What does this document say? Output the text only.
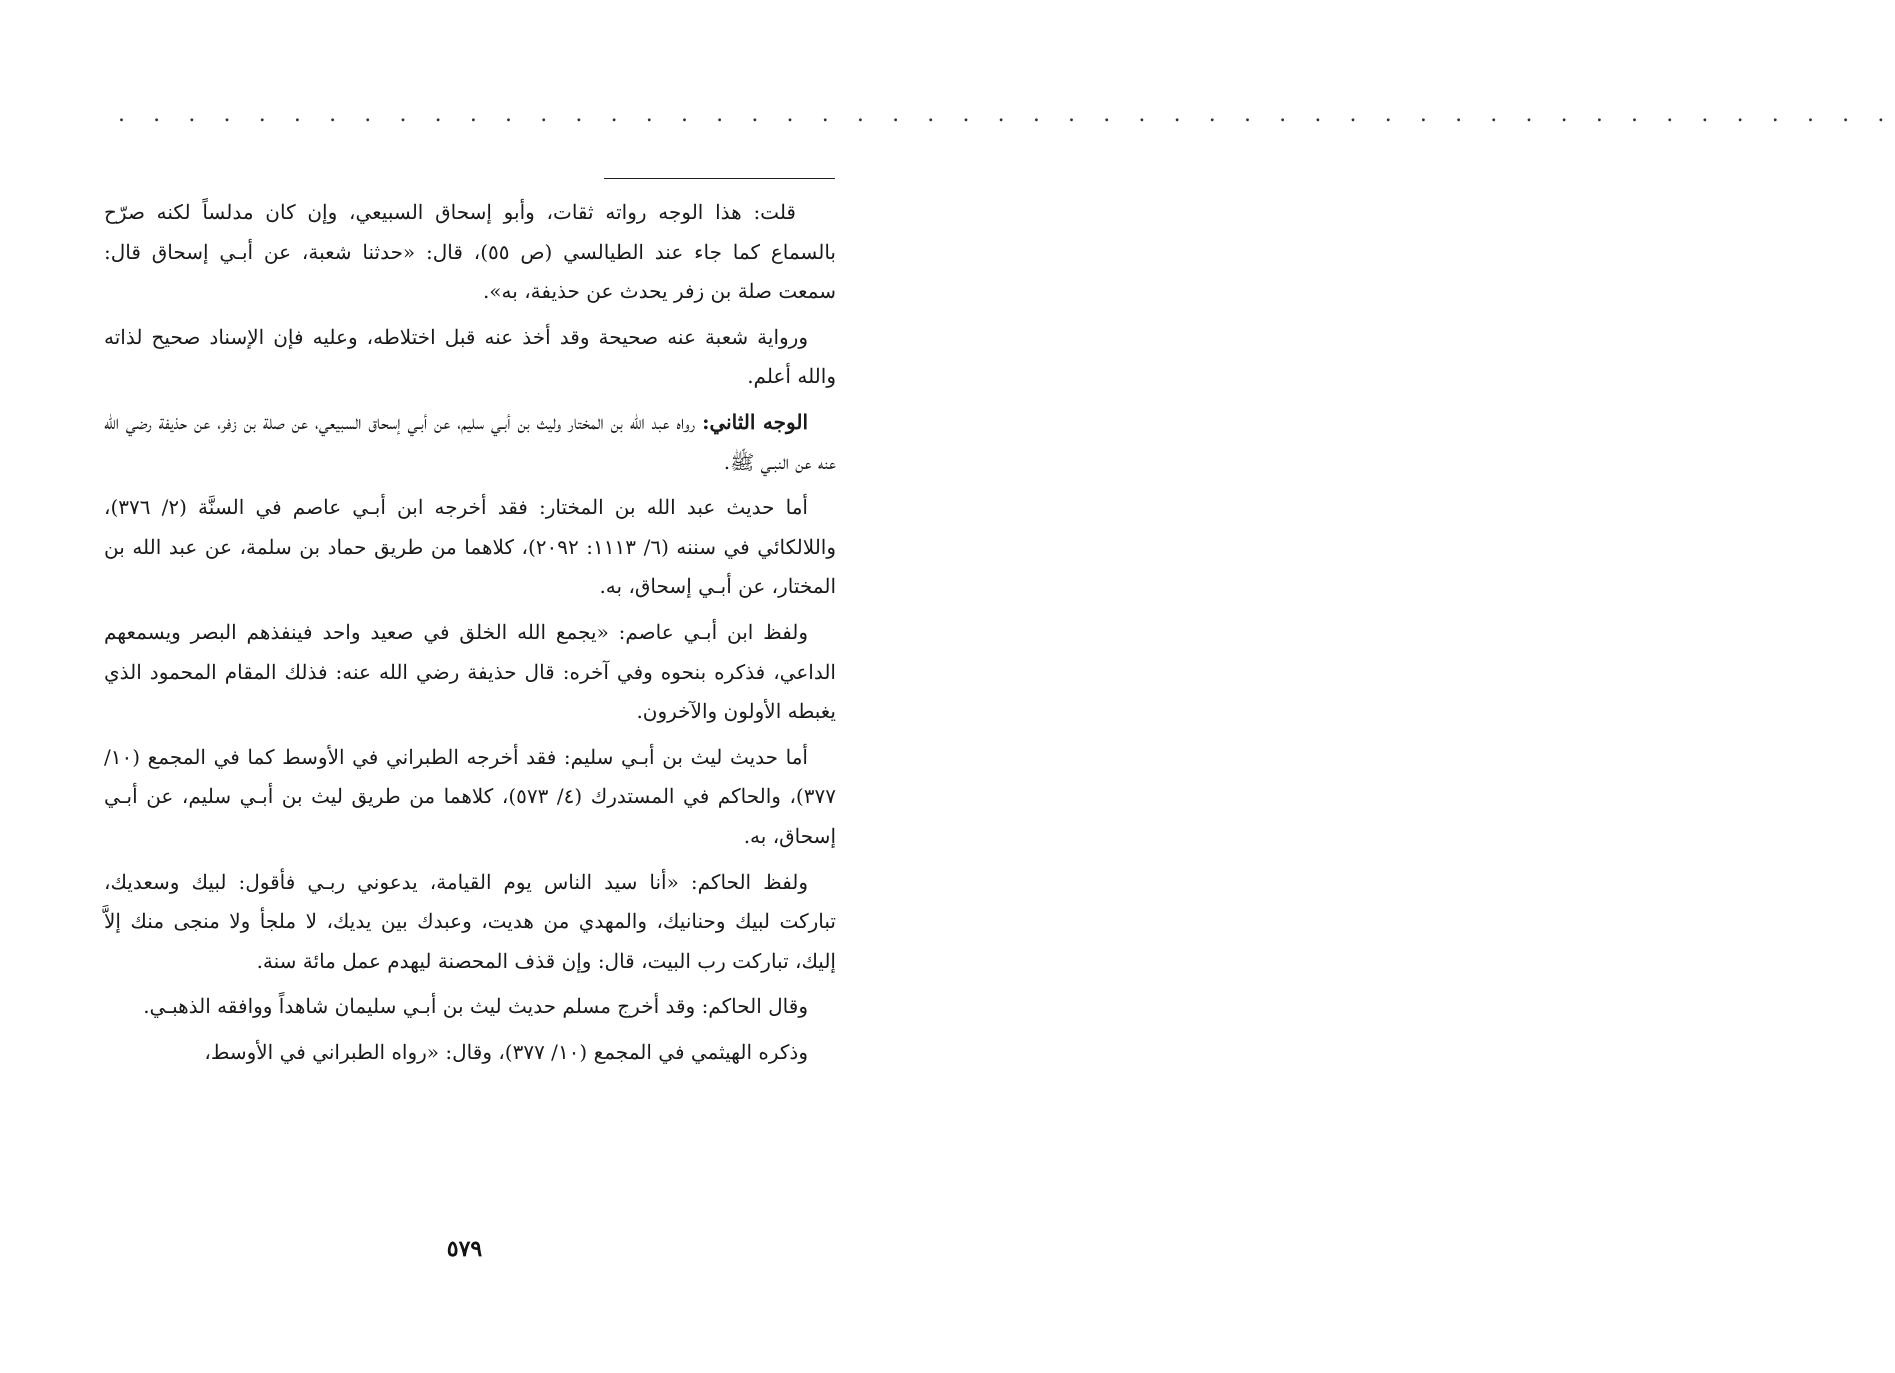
. . . . . . . . . . . . . . . . . . . . . . . . . . . . . . . . . . . . . . . . . . . . . . . . . . .

قلت: هذا الوجه رواته ثقات، وأبو إسحاق السبيعي، وإن كان مدلساً لكنه صرّح بالسماع كما جاء عند الطيالسي (ص ٥٥)، قال: «حدثنا شعبة، عن أبـي إسحاق قال: سمعت صلة بن زفر يحدث عن حذيفة، به».

ورواية شعبة عنه صحيحة وقد أخذ عنه قبل اختلاطه، وعليه فإن الإسناد صحيح لذاته والله أعلم.

الوجه الثاني: رواه عبد الله بن المختار وليث بن أبـي سليم، عن أبـي إسحاق السبيعي، عن صلة بن زفر، عن حذيفة رضي الله عنه عن النبـي ﷺ.

أما حديث عبد الله بن المختار: فقد أخرجه ابن أبـي عاصم في السنَّة (٢/ ٣٧٦)، واللالكائي في سننه (٦/ ١١١٣: ٢٠٩٢)، كلاهما من طريق حماد بن سلمة، عن عبد الله بن المختار، عن أبـي إسحاق، به.

ولفظ ابن أبـي عاصم: «يجمع الله الخلق في صعيد واحد فينفذهم البصر ويسمعهم الداعي، فذكره بنحوه وفي آخره: قال حذيفة رضي الله عنه: فذلك المقام المحمود الذي يغبطه الأولون والآخرون.

أما حديث ليث بن أبـي سليم: فقد أخرجه الطبراني في الأوسط كما في المجمع (١٠/ ٣٧٧)، والحاكم في المستدرك (٤/ ٥٧٣)، كلاهما من طريق ليث بن أبـي سليم، عن أبـي إسحاق، به.

ولفظ الحاكم: «أنا سيد الناس يوم القيامة، يدعوني ربـي فأقول: لبيك وسعديك، تباركت لبيك وحنانيك، والمهدي من هديت، وعبدك بين يديك، لا ملجأ ولا منجى منك إلاَّ إليك، تباركت رب البيت، قال: وإن قذف المحصنة ليهدم عمل مائة سنة.

وقال الحاكم: وقد أخرج مسلم حديث ليث بن أبـي سليمان شاهداً ووافقه الذهبـي.

وذكره الهيثمي في المجمع (١٠/ ٣٧٧)، وقال: «رواه الطبراني في الأوسط،

٥٧٩
